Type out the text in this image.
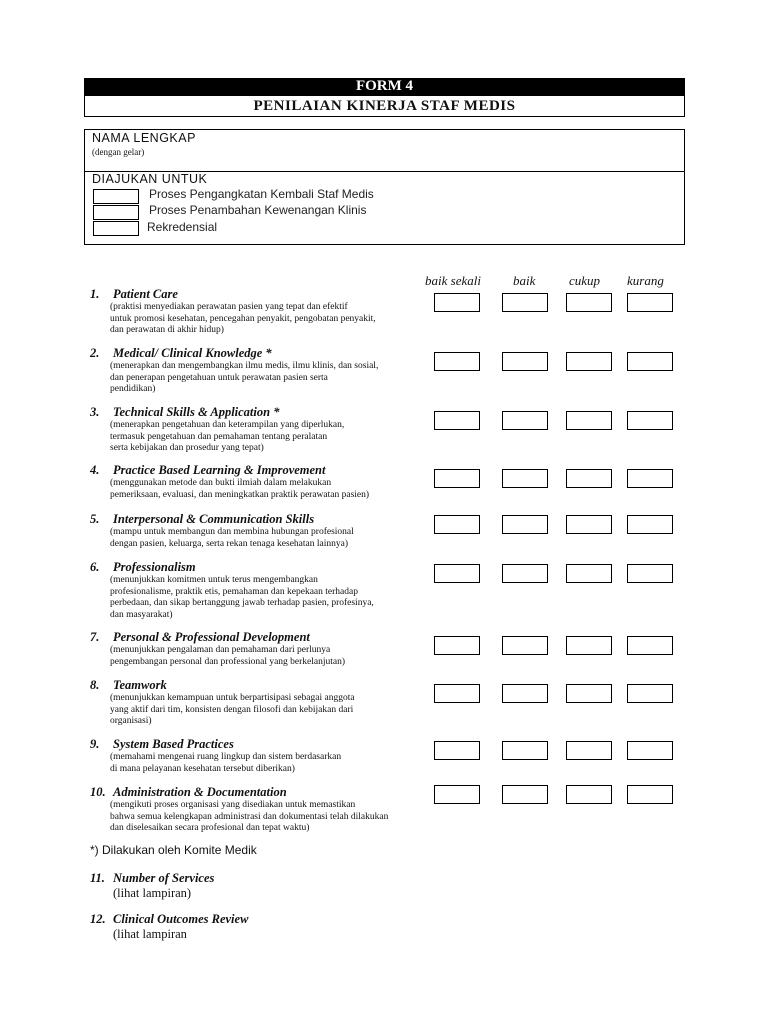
FORM 4
PENILAIAN KINERJA STAF MEDIS
NAMA LENGKAP
(dengan gelar)
DIAJUKAN UNTUK
Proses Pengangkatan Kembali Staf Medis
Proses Penambahan Kewenangan Klinis
Rekredensial
baik sekali baik	cukup kurang
1. Patient Care
(praktisi menyediakan perawatan pasien yang tepat dan efektif
untuk promosi kesehatan, pencegahan penyakit, pengobatan penyakit,
dan perawatan di akhir hidup)
2. Medical/ Clinical Knowledge *
(menerapkan dan mengembangkan ilmu medis, ilmu klinis, dan sosial,
dan penerapan pengetahuan untuk perawatan pasien serta
pendidikan)
3. Technical Skills & Application *
(menerapkan pengetahuan dan keterampilan yang diperlukan,
termasuk pengetahuan dan pemahaman tentang peralatan
serta kebijakan dan prosedur yang tepat)
4. Practice Based Learning & Improvement
(menggunakan metode dan bukti ilmiah dalam melakukan
pemeriksaan, evaluasi, dan meningkatkan praktik perawatan pasien)
5. Interpersonal & Communication Skills
(mampu untuk membangun dan membina hubungan profesional
dengan pasien, keluarga, serta rekan tenaga kesehatan lainnya)
6. Professionalism
(menunjukkan komitmen untuk terus mengembangkan
profesionalisme, praktik etis, pemahaman dan kepekaan terhadap
perbedaan, dan sikap bertanggung jawab terhadap pasien, profesinya,
dan masyarakat)
7. Personal & Professional Development
(menunjukkan pengalaman dan pemahaman dari perlunya
pengembangan personal dan professional yang berkelanjutan)
8. Teamwork
(menunjukkan kemampuan untuk berpartisipasi sebagai anggota
yang aktif dari tim, konsisten dengan filosofi dan kebijakan dari
organisasi)
9. System Based Practices
(memahami mengenai ruang lingkup dan sistem berdasarkan
di mana pelayanan kesehatan tersebut diberikan)
10. Administration & Documentation
(mengikuti proses organisasi yang disediakan untuk memastikan
bahwa semua kelengkapan administrasi dan dokumentasi telah dilakukan
dan diselesaikan secara profesional dan tepat waktu)
*) Dilakukan oleh Komite Medik
11. Number of Services
(lihat lampiran)
12. Clinical Outcomes Review
(lihat lampiran
